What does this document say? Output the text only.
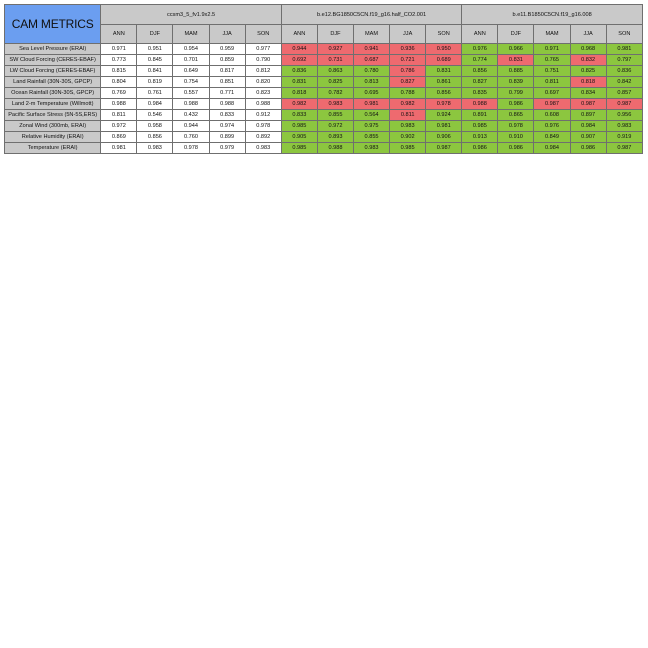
CAM METRICS	ccsm3_5_fv1.9x2.5					b.e12.BG1850C5CN.f19_g16.half_CO2.001					b.e11.B1850C5CN.f19_g16.008				
	ANN	DJF	MAM	JJA	SON	ANN	DJF	MAM	JJA	SON	ANN	DJF	MAM	JJA	SON
Sea Level Pressure (ERAI)	0.971	0.951	0.954	0.959	0.977	0.944	0.927	0.941	0.936	0.950	0.976	0.966	0.971	0.968	0.981
SW Cloud Forcing (CERES-EBAF)	0.773	0.845	0.701	0.859	0.790	0.692	0.731	0.687	0.721	0.689	0.774	0.831	0.765	0.832	0.797
LW Cloud Forcing (CERES-EBAF)	0.815	0.841	0.649	0.817	0.812	0.836	0.863	0.780	0.786	0.831	0.856	0.885	0.751	0.825	0.836
Land Rainfall (30N-30S, GPCP)	0.804	0.819	0.754	0.851	0.820	0.831	0.825	0.813	0.827	0.861	0.827	0.839	0.811	0.818	0.842
Ocean Rainfall (30N-30S, GPCP)	0.769	0.761	0.557	0.771	0.823	0.818	0.782	0.695	0.788	0.856	0.835	0.799	0.697	0.834	0.857
Land 2-m Temperature (Willmott)	0.988	0.984	0.988	0.988	0.988	0.982	0.983	0.981	0.982	0.978	0.988	0.986	0.987	0.987	0.987
Pacific Surface Stress (5N-5S,ERS)	0.811	0.546	0.432	0.833	0.912	0.833	0.855	0.564	0.811	0.924	0.891	0.865	0.608	0.897	0.956
Zonal Wind (300mb, ERAI)	0.972	0.958	0.944	0.974	0.978	0.985	0.972	0.975	0.983	0.981	0.985	0.978	0.976	0.984	0.983
Relative Humidity (ERAI)	0.869	0.856	0.760	0.899	0.892	0.905	0.893	0.855	0.902	0.906	0.913	0.910	0.849	0.907	0.919
Temperature (ERAI)	0.981	0.983	0.978	0.979	0.983	0.985	0.988	0.983	0.985	0.987	0.986	0.986	0.984	0.986	0.987
